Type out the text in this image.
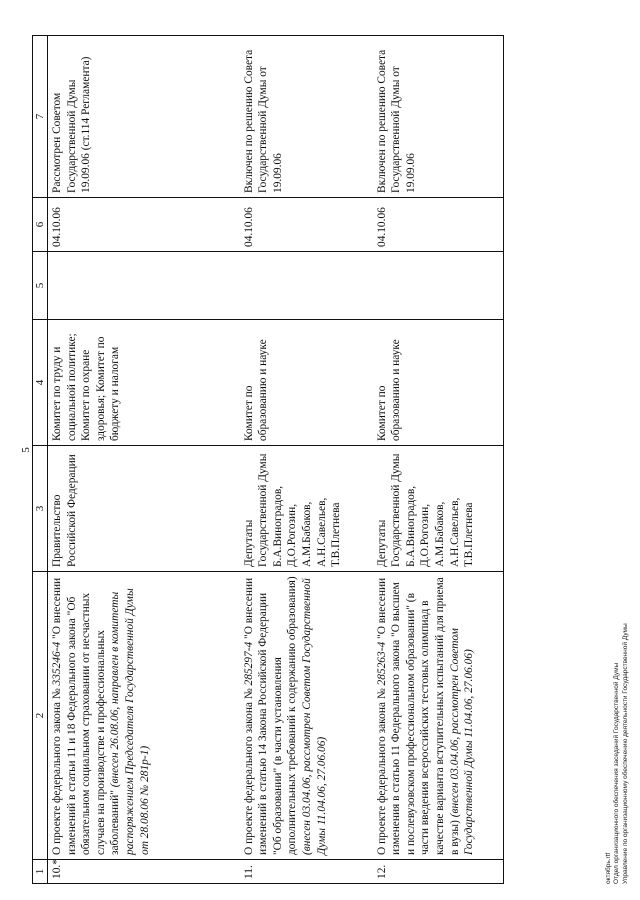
5
1	2	3	4	5	6	7
10.*	О проекте федерального закона № 335246-4 "О внесении изменений в статьи 11 и 18 Федерального закона "Об обязательном социальном страховании от несчастных случаев на производстве и профессиональных заболеваний" (внесен 26.08.06, направлен в комитеты распоряжением Председателя Государственной Думы от 28.08.06 № 281р-1)	Правительство Российской Федерации	Комитет по труду и социальной политике; Комитет по охране здоровья; Комитет по бюджету и налогам		04.10.06	Рассмотрен Советом Государственной Думы 19.09.06 (ст.114 Регламента)
11.	О проекте федерального закона № 285297-4 "О внесении изменений в статью 14 Закона Российской Федерации "Об образовании" (в части установления дополнительных требований к содержанию образования) (внесен 03.04.06, рассмотрен Советом Государственной Думы 11.04.06, 27.06.06)	Депутаты Государственной Думы Б.А.Виноградов, Д.О.Рогозин, А.М.Бабаков, А.Н.Савельев, Т.В.Плетнева	Комитет по образованию и науке		04.10.06	Включен по решению Совета Государственной Думы от 19.09.06
12.	О проекте федерального закона № 285263-4 "О внесении изменения в статью 11 Федерального закона "О высшем и послевузовском профессиональном образовании" (в части введения всероссийских тестовых олимпиад в качестве варианта вступительных испытаний для приема в вузы) (внесен 03.04.06, рассмотрен Советом Государственной Думы 11.04.06, 27.06.06)	Депутаты Государственной Думы Б.А.Виноградов, Д.О.Рогозин, А.М.Бабаков, А.Н.Савельев, Т.В.Плетнева	Комитет по образованию и науке		04.10.06	Включен по решению Совета Государственной Думы от 19.09.06
октябрь.rtf Отдел организационного обеспечения заседаний Государственной Думы Управление по организационному обеспечению деятельности Государственной Думы
